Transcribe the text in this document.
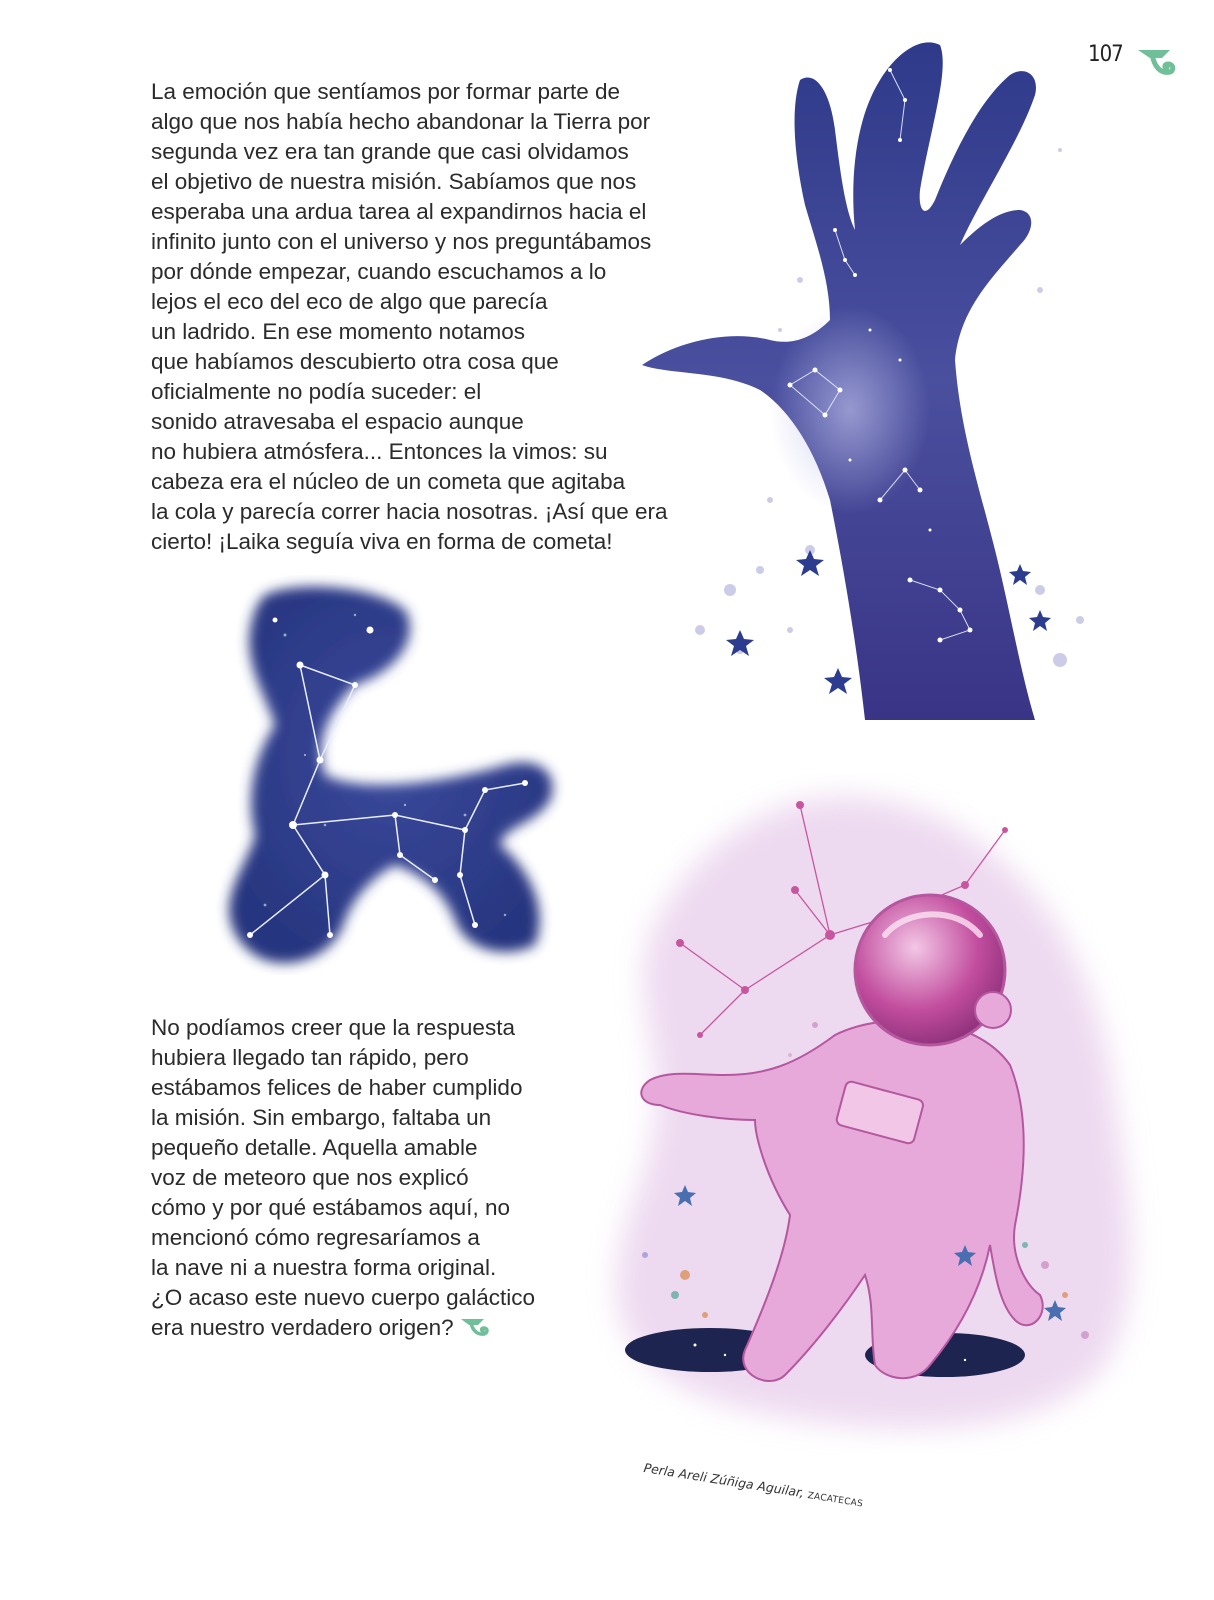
107
La emoción que sentíamos por formar parte de
algo que nos había hecho abandonar la Tierra por
segunda vez era tan grande que casi olvidamos
el objetivo de nuestra misión. Sabíamos que nos
esperaba una ardua tarea al expandirnos hacia el
infinito junto con el universo y nos preguntábamos
por dónde empezar, cuando escuchamos a lo
lejos el eco del eco de algo que parecía
un ladrido. En ese momento notamos
que habíamos descubierto otra cosa que
oficialmente no podía suceder: el
sonido atravesaba el espacio aunque
no hubiera atmósfera... Entonces la vimos: su
cabeza era el núcleo de un cometa que agitaba
la cola y parecía correr hacia nosotras. ¡Así que era
cierto! ¡Laika seguía viva en forma de cometa!
No podíamos creer que la respuesta
hubiera llegado tan rápido, pero
estábamos felices de haber cumplido
la misión. Sin embargo, faltaba un
pequeño detalle. Aquella amable
voz de meteoro que nos explicó
cómo y por qué estábamos aquí, no
mencionó cómo regresaríamos a
la nave ni a nuestra forma original.
¿O acaso este nuevo cuerpo galáctico
era nuestro verdadero origen?
Perla Areli Zúñiga Aguilar, ZACATECAS
